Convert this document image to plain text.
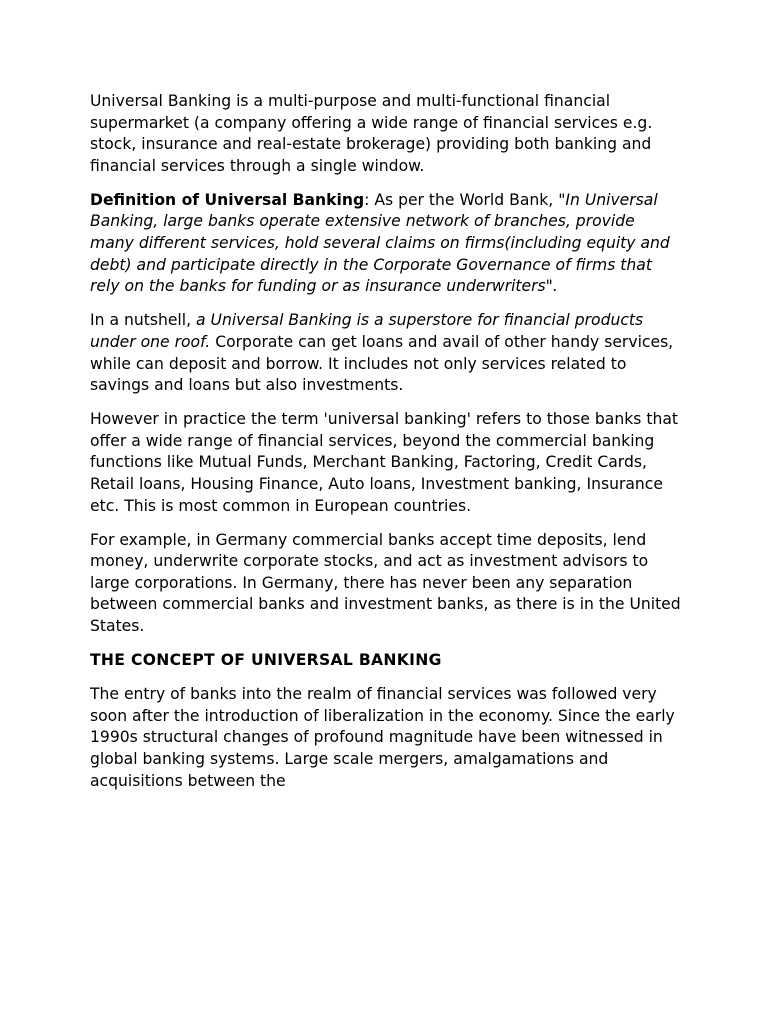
Universal Banking is a multi-purpose and multi-functional financial supermarket (a company offering a wide range of financial services e.g. stock, insurance and real-estate brokerage) providing both banking and financial services through a single window.

Definition of Universal Banking: As per the World Bank, "In Universal Banking, large banks operate extensive network of branches, provide many different services, hold several claims on firms(including equity and debt) and participate directly in the Corporate Governance of firms that rely on the banks for funding or as insurance underwriters".

In a nutshell, a Universal Banking is a superstore for financial products under one roof. Corporate can get loans and avail of other handy services, while can deposit and borrow. It includes not only services related to savings and loans but also investments.

However in practice the term 'universal banking' refers to those banks that offer a wide range of financial services, beyond the commercial banking functions like Mutual Funds, Merchant Banking, Factoring, Credit Cards, Retail loans, Housing Finance, Auto loans, Investment banking, Insurance etc. This is most common in European countries.

For example, in Germany commercial banks accept time deposits, lend money, underwrite corporate stocks, and act as investment advisors to large corporations. In Germany, there has never been any separation between commercial banks and investment banks, as there is in the United States.

THE CONCEPT OF UNIVERSAL BANKING

The entry of banks into the realm of financial services was followed very soon after the introduction of liberalization in the economy. Since the early 1990s structural changes of profound magnitude have been witnessed in global banking systems. Large scale mergers, amalgamations and acquisitions between the
